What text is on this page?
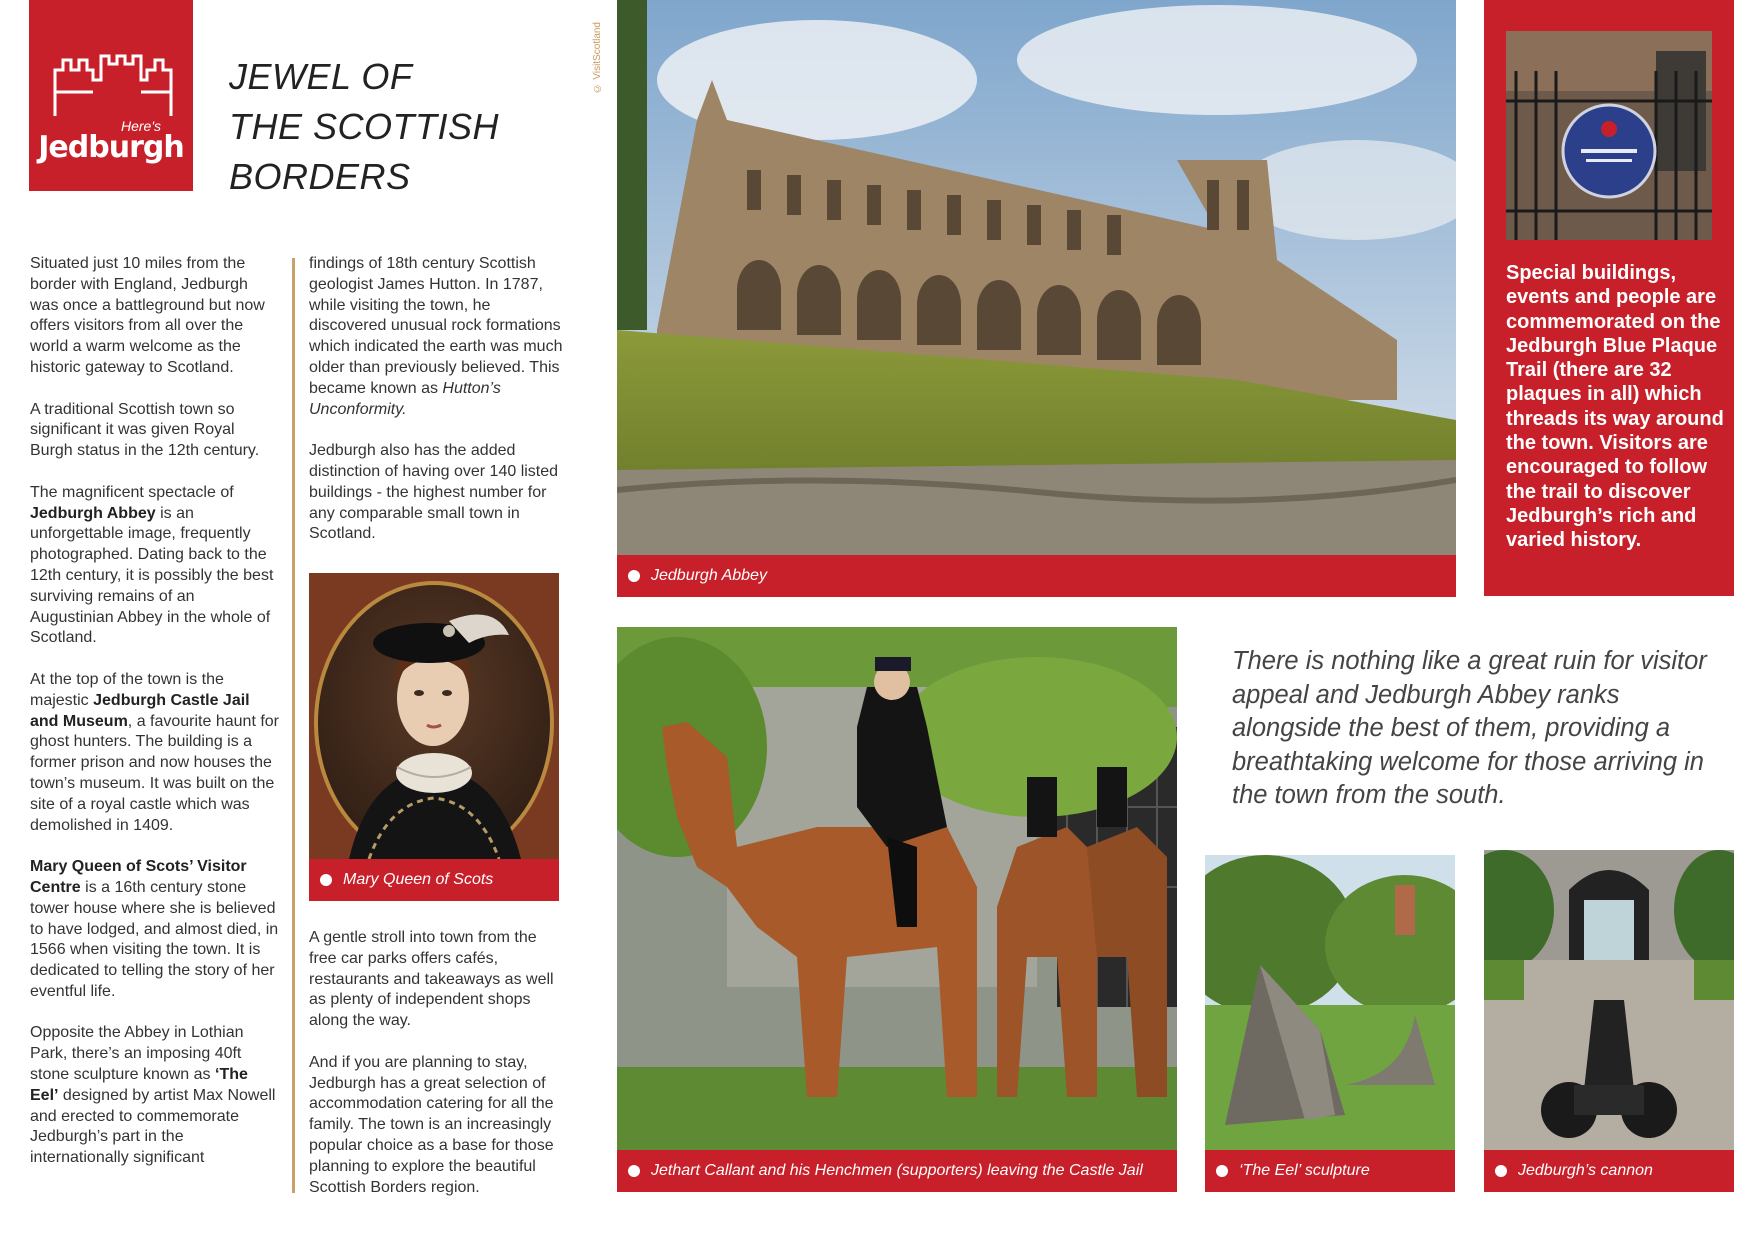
Here's
Jedburgh
JEWEL OF
THE SCOTTISH
BORDERS
© VisitScotland

Situated just 10 miles from the border with England, Jedburgh was once a battleground but now offers visitors from all over the world a warm welcome as the historic gateway to Scotland.

A traditional Scottish town so significant it was given Royal Burgh status in the 12th century.

The magnificent spectacle of Jedburgh Abbey is an unforgettable image, frequently photographed. Dating back to the 12th century, it is possibly the best surviving remains of an Augustinian Abbey in the whole of Scotland.

At the top of the town is the majestic Jedburgh Castle Jail and Museum, a favourite haunt for ghost hunters. The building is a former prison and now houses the town’s museum. It was built on the site of a royal castle which was demolished in 1409.

Mary Queen of Scots’ Visitor Centre is a 16th century stone tower house where she is believed to have lodged, and almost died, in 1566 when visiting the town. It is dedicated to telling the story of her eventful life.

Opposite the Abbey in Lothian Park, there’s an imposing 40ft stone sculpture known as ‘The Eel’ designed by artist Max Nowell and erected to commemorate Jedburgh’s part in the internationally significant

findings of 18th century Scottish geologist James Hutton. In 1787, while visiting the town, he discovered unusual rock formations which indicated the earth was much older than previously believed. This became known as Hutton’s Unconformity.

Jedburgh also has the added distinction of having over 140 listed buildings - the highest number for any comparable small town in Scotland.

Mary Queen of Scots

A gentle stroll into town from the free car parks offers cafés, restaurants and takeaways as well as plenty of independent shops along the way.

And if you are planning to stay, Jedburgh has a great selection of accommodation catering for all the family. The town is an increasingly popular choice as a base for those planning to explore the beautiful Scottish Borders region.

Jedburgh Abbey
Special buildings, events and people are commemorated on the Jedburgh Blue Plaque Trail (there are 32 plaques in all) which threads its way around the town. Visitors are encouraged to follow the trail to discover Jedburgh’s rich and varied history.
Jethart Callant and his Henchmen (supporters) leaving the Castle Jail
There is nothing like a great ruin for visitor appeal and Jedburgh Abbey ranks alongside the best of them, providing a breathtaking welcome for those arriving in the town from the south.
‘The Eel’ sculpture	Jedburgh’s cannon
